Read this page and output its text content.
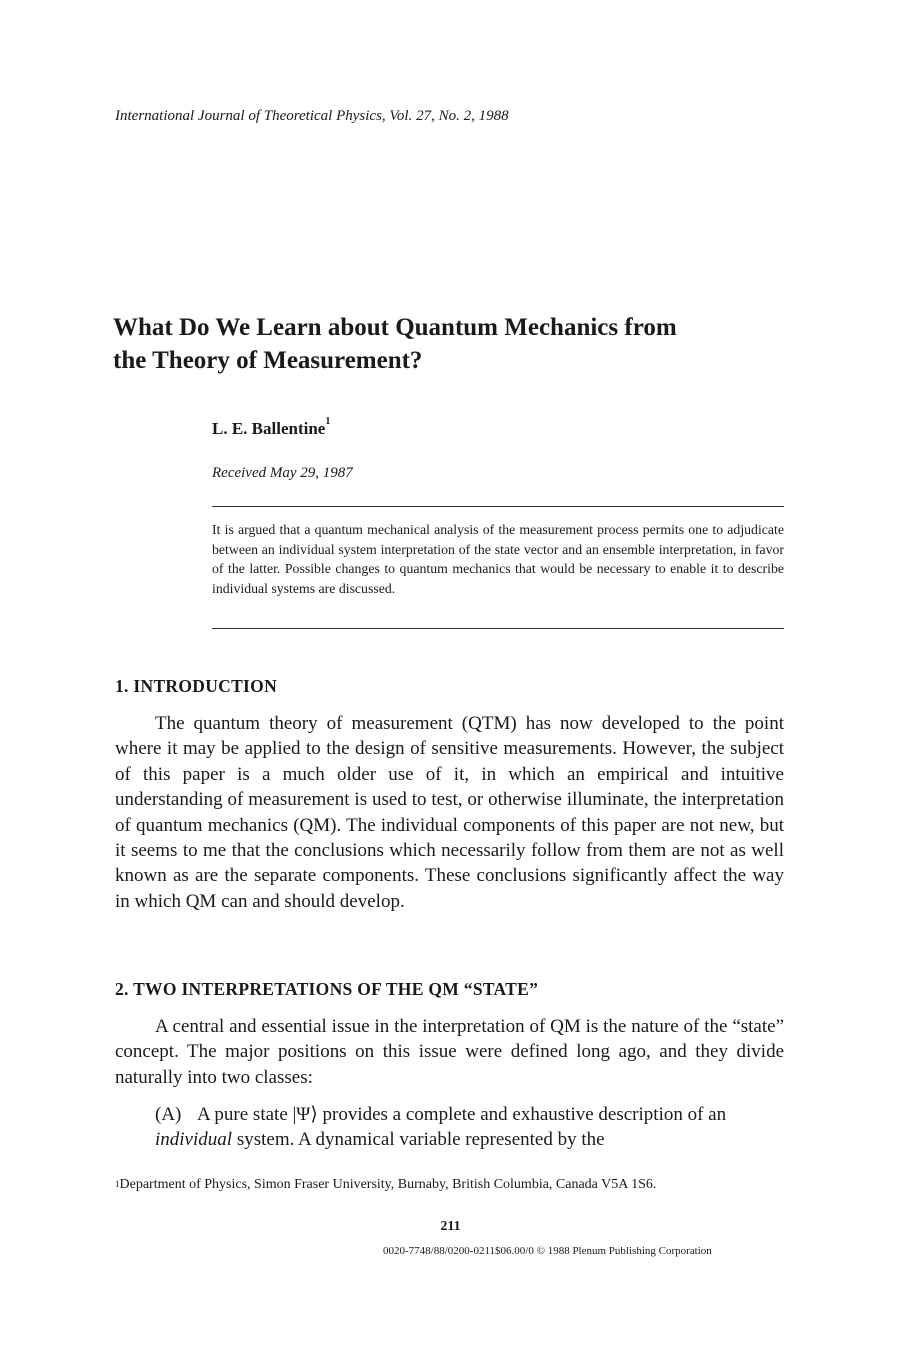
International Journal of Theoretical Physics, Vol. 27, No. 2, 1988
What Do We Learn about Quantum Mechanics from
the Theory of Measurement?
L. E. Ballentine$^1$
Received May 29, 1987
It is argued that a quantum mechanical analysis of the measurement process permits one to adjudicate between an individual system interpretation of the state vector and an ensemble interpretation, in favor of the latter. Possible changes to quantum mechanics that would be necessary to enable it to describe individual systems are discussed.
1. INTRODUCTION
The quantum theory of measurement (QTM) has now developed to the point where it may be applied to the design of sensitive measurements. However, the subject of this paper is a much older use of it, in which an empirical and intuitive understanding of measurement is used to test, or otherwise illuminate, the interpretation of quantum mechanics (QM). The individual components of this paper are not new, but it seems to me that the conclusions which necessarily follow from them are not as well known as are the separate components. These conclusions significantly affect the way in which QM can and should develop.
2. TWO INTERPRETATIONS OF THE QM “STATE”
A central and essential issue in the interpretation of QM is the nature of the “state” concept. The major positions on this issue were defined long ago, and they divide naturally into two classes:
(A) A pure state |Ψ⟩ provides a complete and exhaustive description of an individual system. A dynamical variable represented by the
$^1$Department of Physics, Simon Fraser University, Burnaby, British Columbia, Canada V5A 1S6.
211
0020-7748/88/0200-0211$06.00/0 © 1988 Plenum Publishing Corporation
